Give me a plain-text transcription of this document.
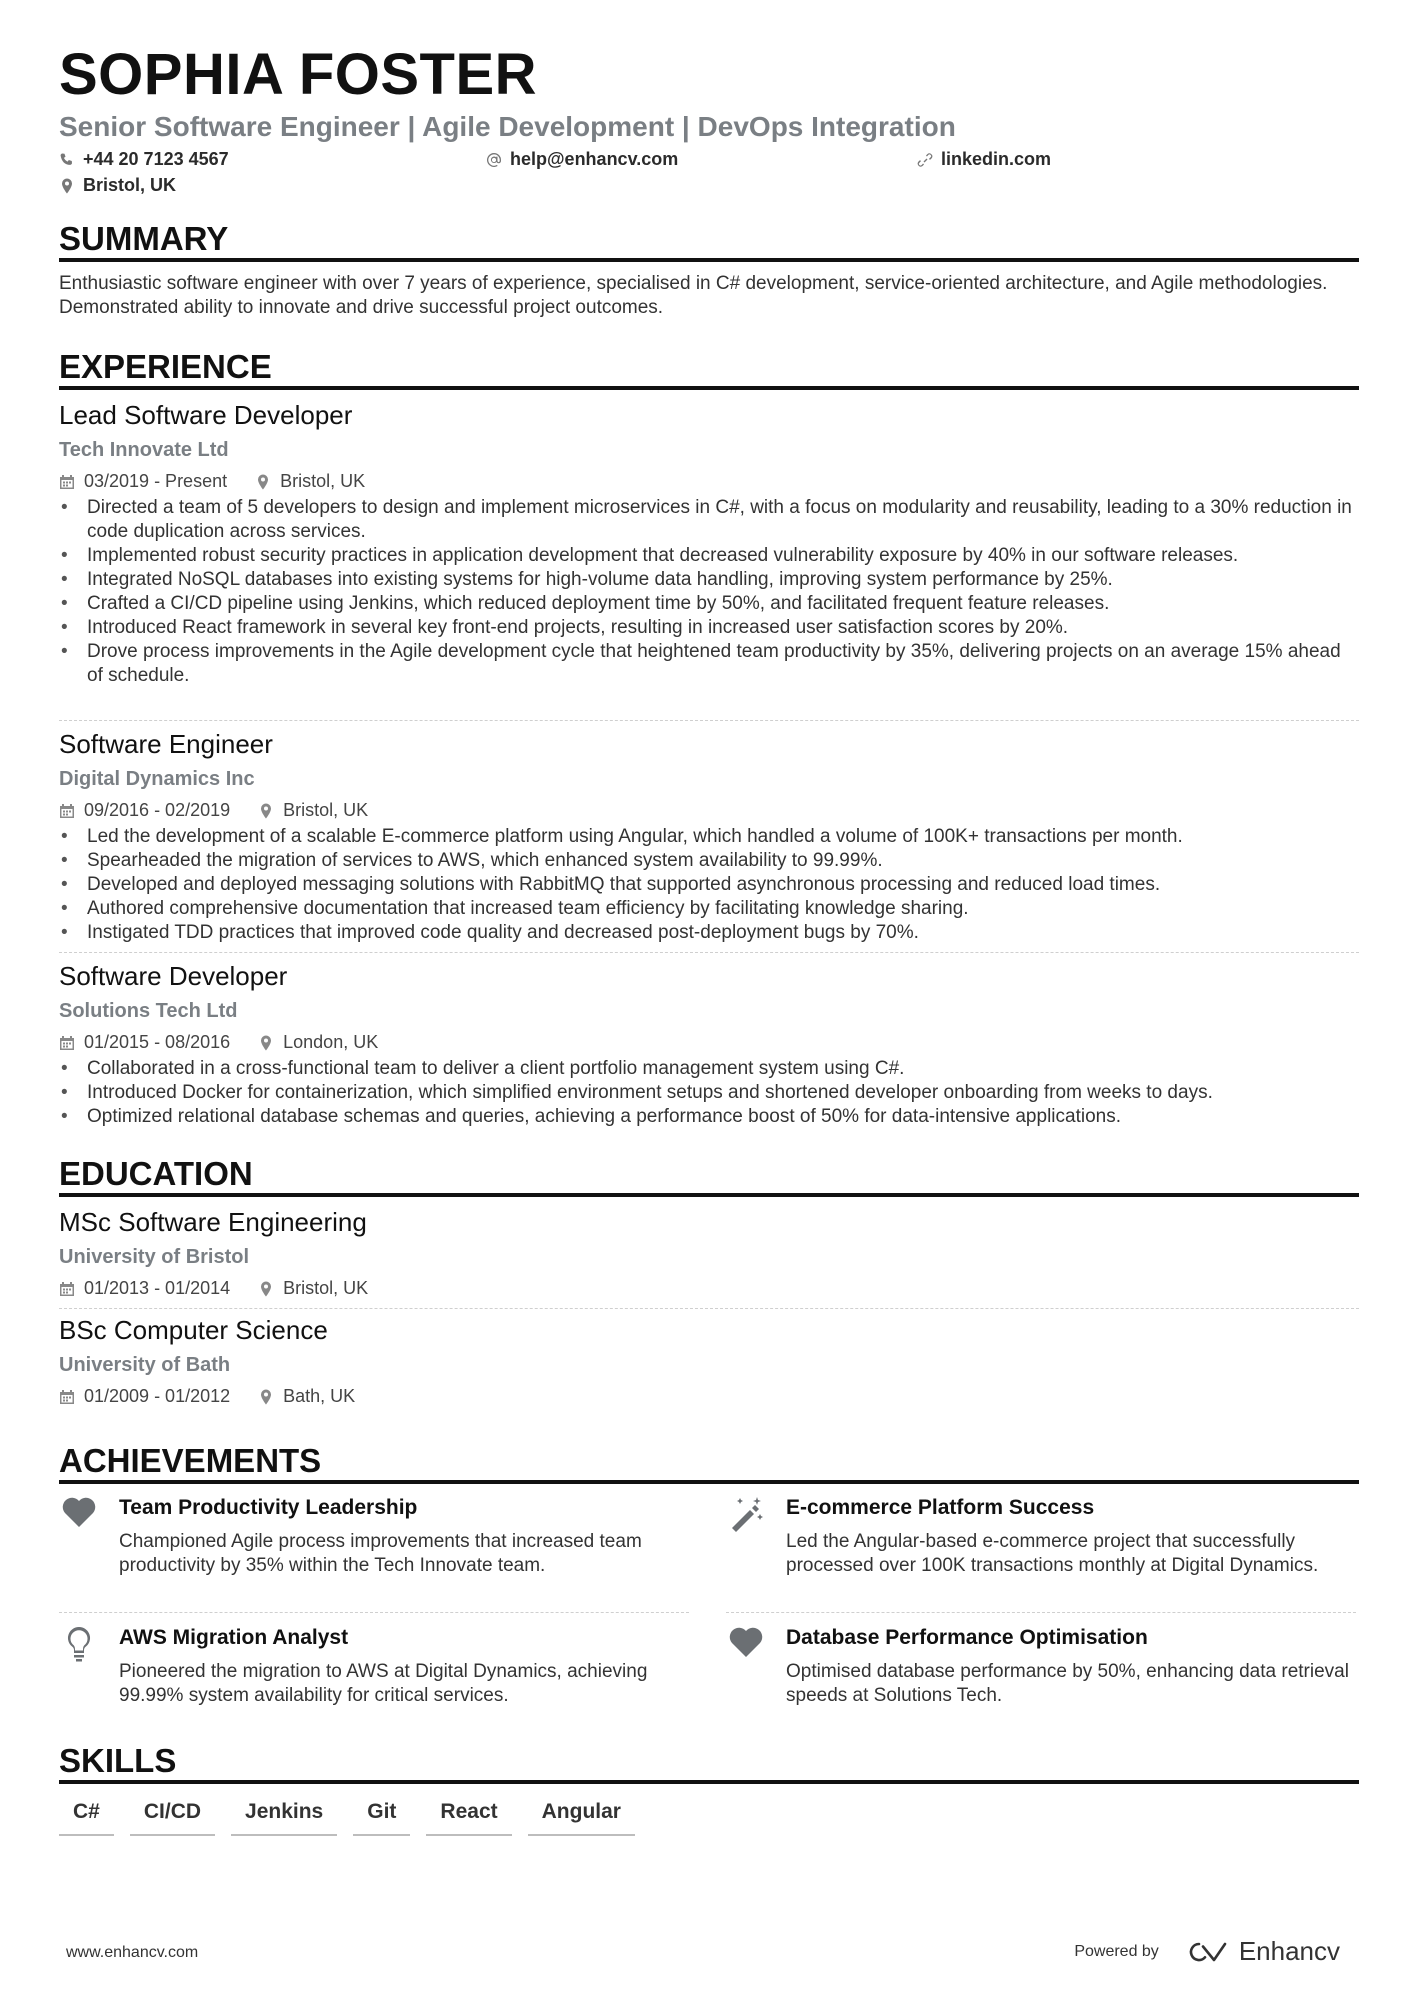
SOPHIA FOSTER
Senior Software Engineer | Agile Development | DevOps Integration
+44 20 7123 4567	help@enhancv.com	linkedin.com
Bristol, UK
SUMMARY
Enthusiastic software engineer with over 7 years of experience, specialised in C# development, service-oriented architecture, and Agile methodologies. Demonstrated ability to innovate and drive successful project outcomes.
EXPERIENCE
Lead Software Developer
Tech Innovate Ltd
03/2019 - Present	Bristol, UK
• Directed a team of 5 developers to design and implement microservices in C#, with a focus on modularity and reusability, leading to a 30% reduction in code duplication across services.
• Implemented robust security practices in application development that decreased vulnerability exposure by 40% in our software releases.
• Integrated NoSQL databases into existing systems for high-volume data handling, improving system performance by 25%.
• Crafted a CI/CD pipeline using Jenkins, which reduced deployment time by 50%, and facilitated frequent feature releases.
• Introduced React framework in several key front-end projects, resulting in increased user satisfaction scores by 20%.
• Drove process improvements in the Agile development cycle that heightened team productivity by 35%, delivering projects on an average 15% ahead of schedule.
Software Engineer
Digital Dynamics Inc
09/2016 - 02/2019	Bristol, UK
• Led the development of a scalable E-commerce platform using Angular, which handled a volume of 100K+ transactions per month.
• Spearheaded the migration of services to AWS, which enhanced system availability to 99.99%.
• Developed and deployed messaging solutions with RabbitMQ that supported asynchronous processing and reduced load times.
• Authored comprehensive documentation that increased team efficiency by facilitating knowledge sharing.
• Instigated TDD practices that improved code quality and decreased post-deployment bugs by 70%.
Software Developer
Solutions Tech Ltd
01/2015 - 08/2016	London, UK
• Collaborated in a cross-functional team to deliver a client portfolio management system using C#.
• Introduced Docker for containerization, which simplified environment setups and shortened developer onboarding from weeks to days.
• Optimized relational database schemas and queries, achieving a performance boost of 50% for data-intensive applications.
EDUCATION
MSc Software Engineering
University of Bristol
01/2013 - 01/2014	Bristol, UK
BSc Computer Science
University of Bath
01/2009 - 01/2012	Bath, UK
ACHIEVEMENTS
Team Productivity Leadership
Championed Agile process improvements that increased team productivity by 35% within the Tech Innovate team.
E-commerce Platform Success
Led the Angular-based e-commerce project that successfully processed over 100K transactions monthly at Digital Dynamics.
AWS Migration Analyst
Pioneered the migration to AWS at Digital Dynamics, achieving 99.99% system availability for critical services.
Database Performance Optimisation
Optimised database performance by 50%, enhancing data retrieval speeds at Solutions Tech.
SKILLS
C#	CI/CD	Jenkins	Git	React	Angular
www.enhancv.com	Powered by	Enhancv
